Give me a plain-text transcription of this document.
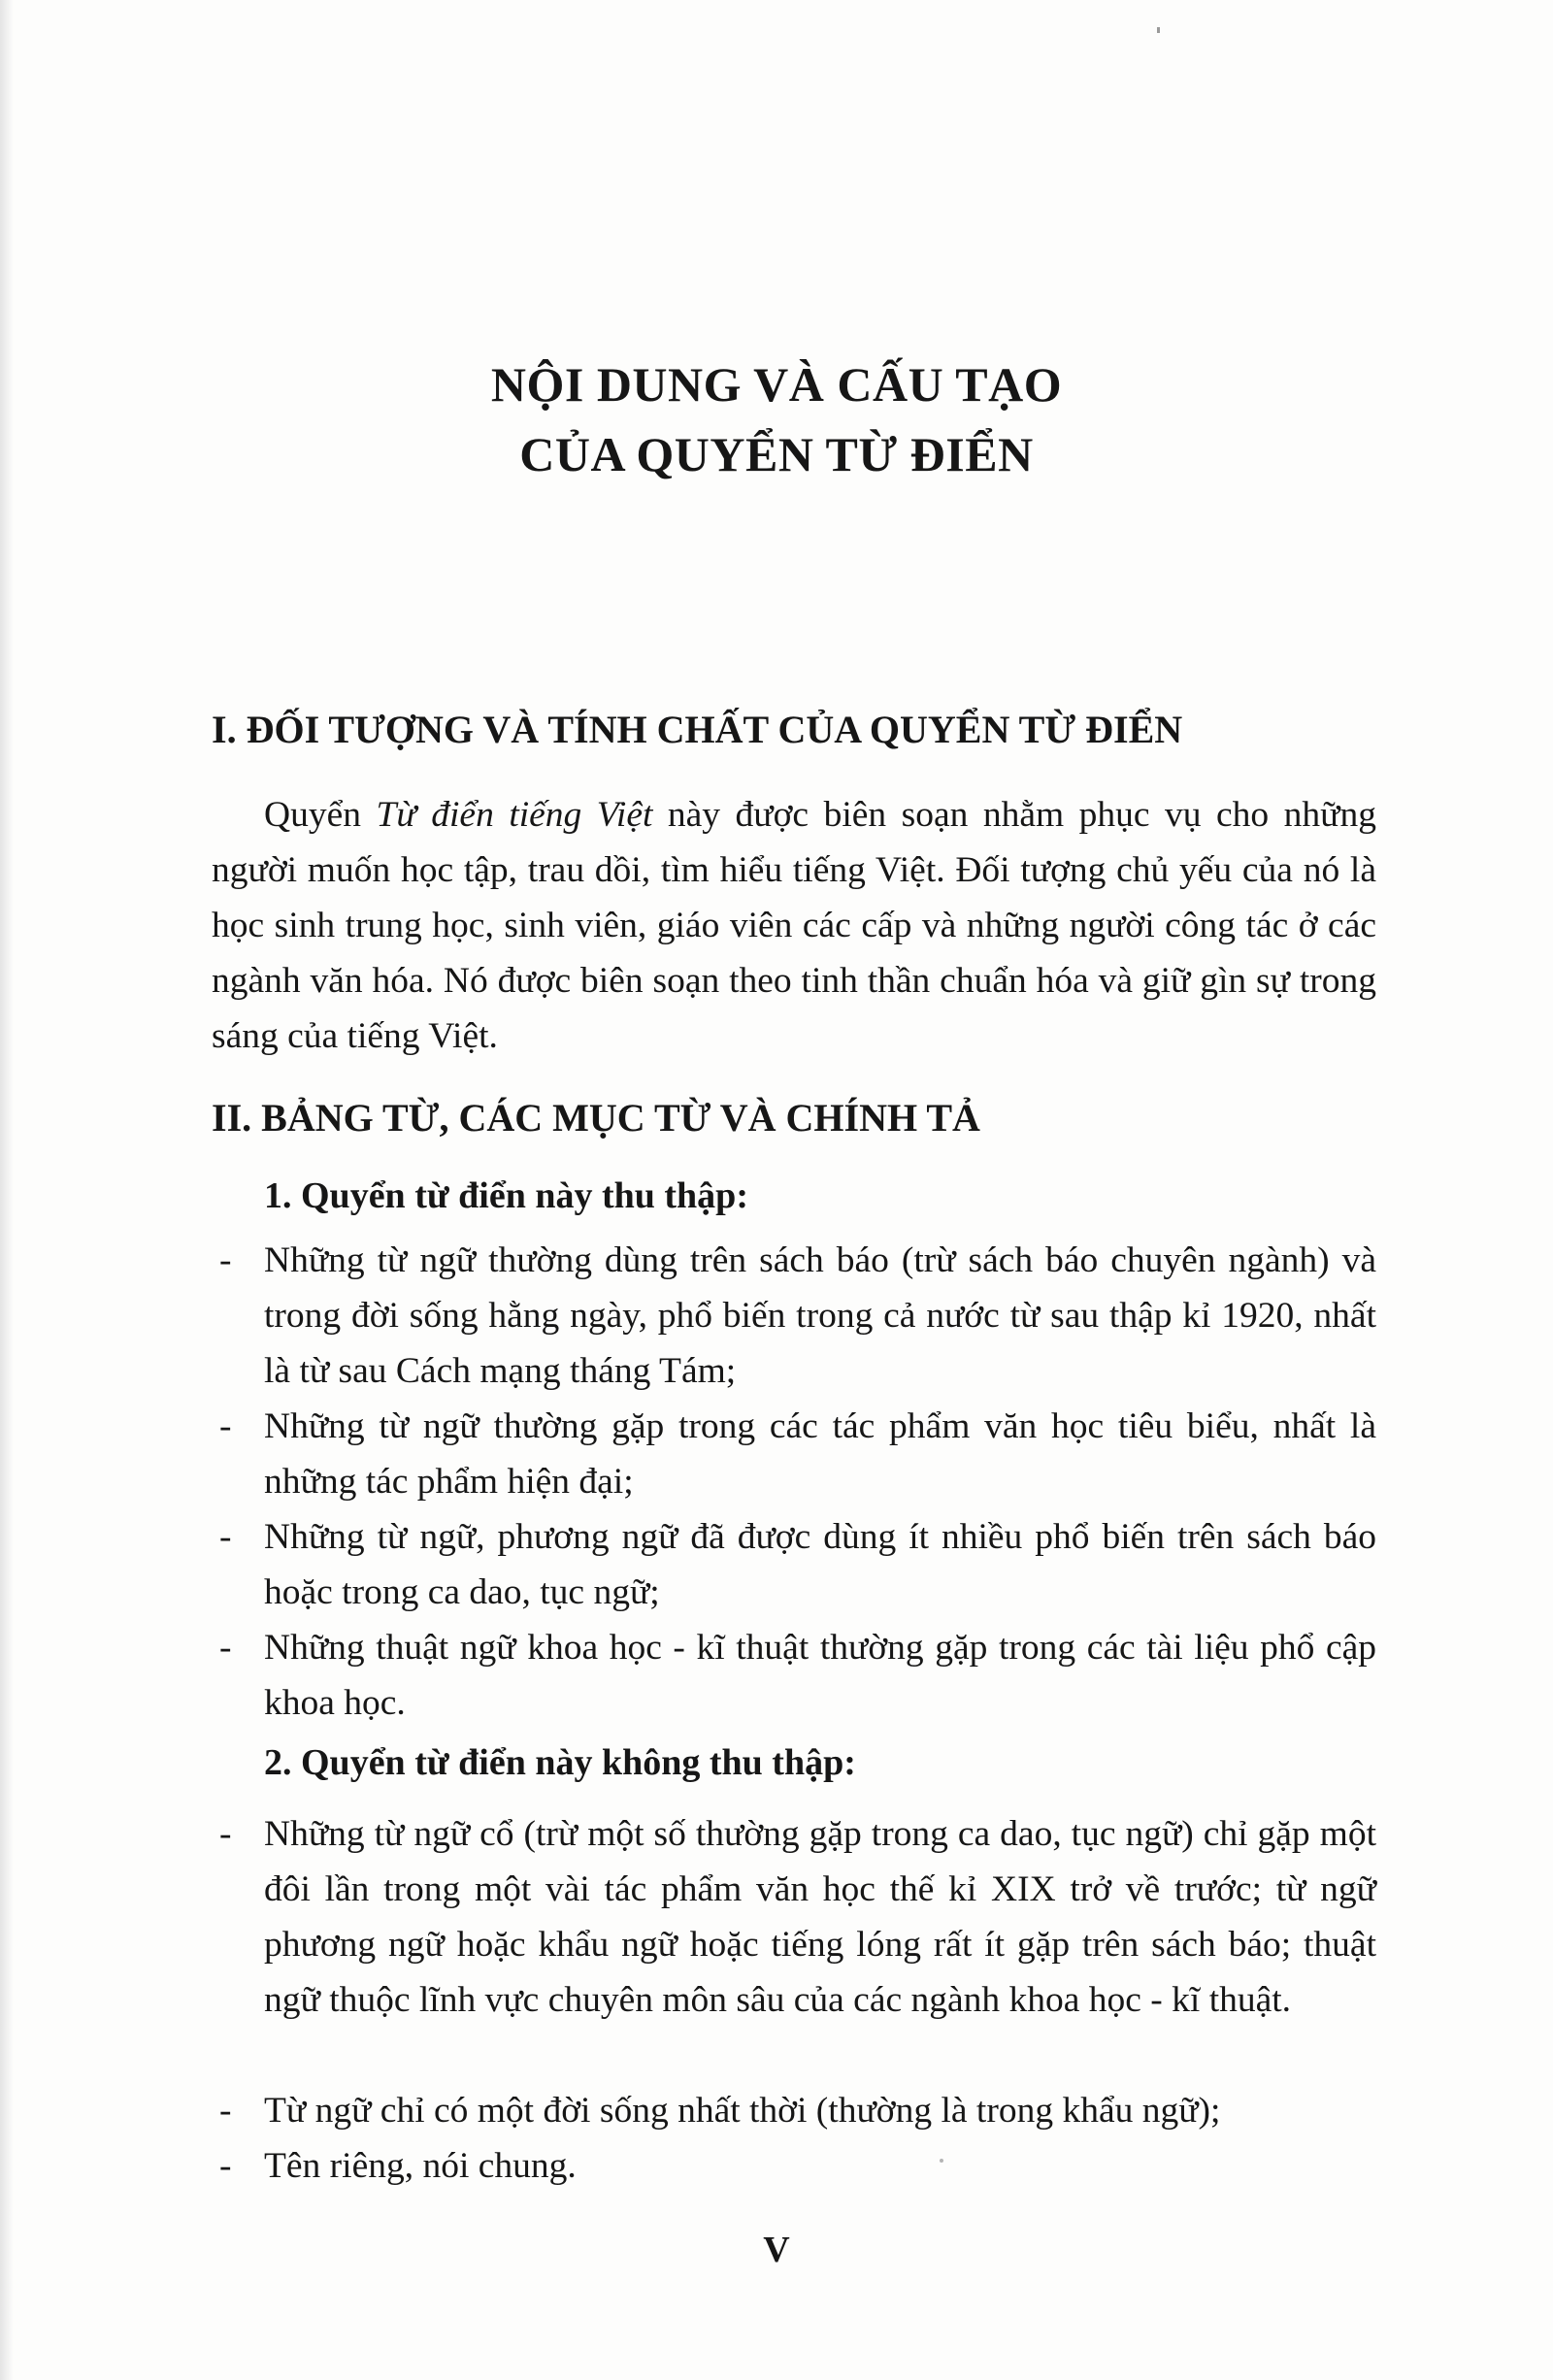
NỘI DUNG VÀ CẤU TẠO
CỦA QUYỂN TỪ ĐIỂN
I. ĐỐI TƯỢNG VÀ TÍNH CHẤT CỦA QUYỂN TỪ ĐIỂN
Quyển Từ điển tiếng Việt này được biên soạn nhằm phục vụ cho những người muốn học tập, trau dồi, tìm hiểu tiếng Việt. Đối tượng chủ yếu của nó là học sinh trung học, sinh viên, giáo viên các cấp và những người công tác ở các ngành văn hóa. Nó được biên soạn theo tinh thần chuẩn hóa và giữ gìn sự trong sáng của tiếng Việt.
II. BẢNG TỪ, CÁC MỤC TỪ VÀ CHÍNH TẢ
1. Quyển từ điển này thu thập:
- Những từ ngữ thường dùng trên sách báo (trừ sách báo chuyên ngành) và trong đời sống hằng ngày, phổ biến trong cả nước từ sau thập kỉ 1920, nhất là từ sau Cách mạng tháng Tám;
- Những từ ngữ thường gặp trong các tác phẩm văn học tiêu biểu, nhất là những tác phẩm hiện đại;
- Những từ ngữ, phương ngữ đã được dùng ít nhiều phổ biến trên sách báo hoặc trong ca dao, tục ngữ;
- Những thuật ngữ khoa học - kĩ thuật thường gặp trong các tài liệu phổ cập khoa học.
2. Quyển từ điển này không thu thập:
- Những từ ngữ cổ (trừ một số thường gặp trong ca dao, tục ngữ) chỉ gặp một đôi lần trong một vài tác phẩm văn học thế kỉ XIX trở về trước; từ ngữ phương ngữ hoặc khẩu ngữ hoặc tiếng lóng rất ít gặp trên sách báo; thuật ngữ thuộc lĩnh vực chuyên môn sâu của các ngành khoa học - kĩ thuật.
- Từ ngữ chỉ có một đời sống nhất thời (thường là trong khẩu ngữ);
- Tên riêng, nói chung.
V
